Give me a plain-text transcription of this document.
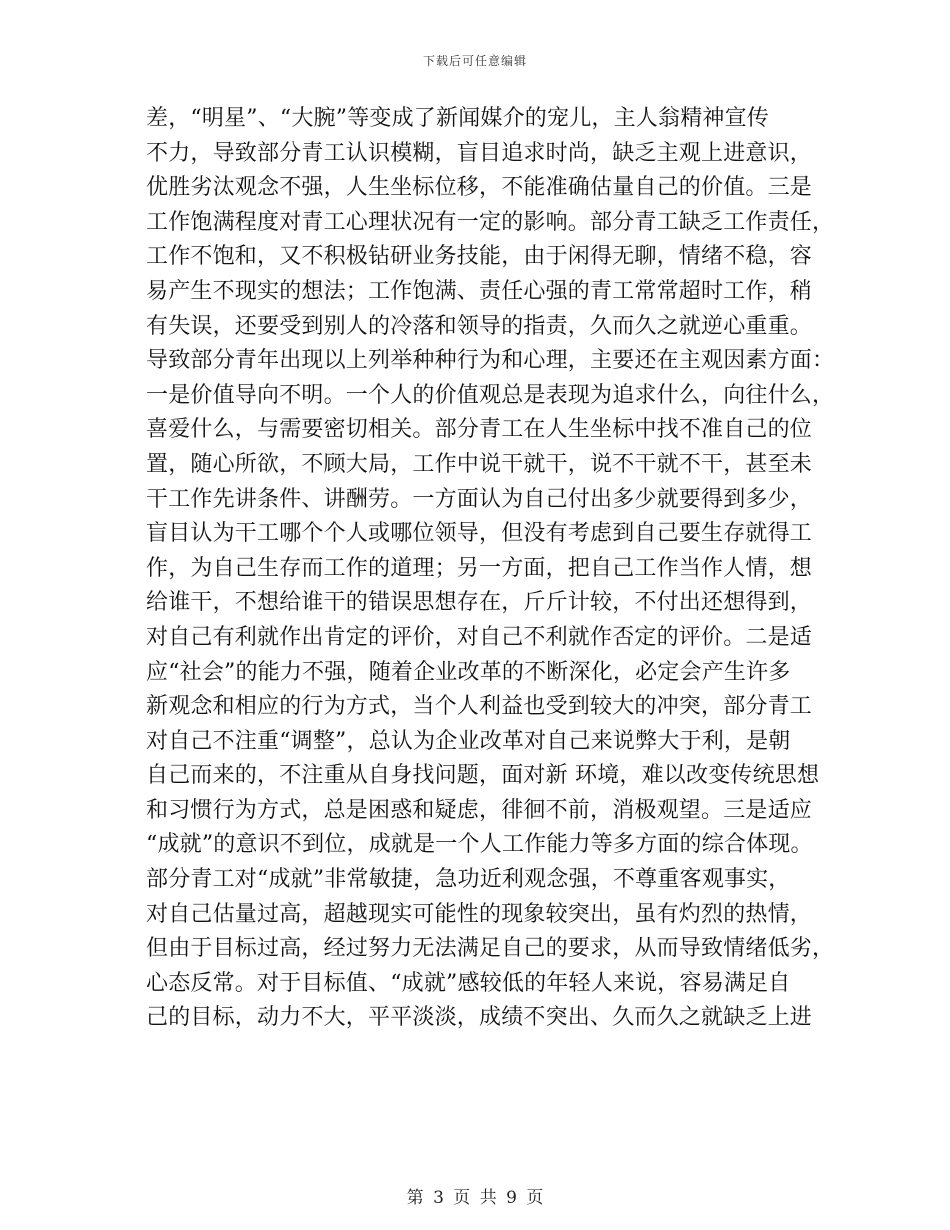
下载后可任意编辑
差，“明星”、“大腕”等变成了新闻媒介的宠儿，主人翁精神宣传
不力，导致部分青工认识模糊，盲目追求时尚，缺乏主观上进意识，
优胜劣汰观念不强，人生坐标位移，不能准确估量自己的价值。三是
工作饱满程度对青工心理状况有一定的影响。部分青工缺乏工作责任，
工作不饱和，又不积极钻研业务技能，由于闲得无聊，情绪不稳，容
易产生不现实的想法；工作饱满、责任心强的青工常常超时工作，稍
有失误，还要受到别人的冷落和领导的指责，久而久之就逆心重重。
导致部分青年出现以上列举种种行为和心理，主要还在主观因素方面：
一是价值导向不明。一个人的价值观总是表现为追求什么，向往什么，
喜爱什么，与需要密切相关。部分青工在人生坐标中找不准自己的位
置，随心所欲，不顾大局，工作中说干就干，说不干就不干，甚至未
干工作先讲条件、讲酬劳。一方面认为自己付出多少就要得到多少，
盲目认为干工哪个个人或哪位领导，但没有考虑到自己要生存就得工
作，为自己生存而工作的道理；另一方面，把自己工作当作人情，想
给谁干，不想给谁干的错误思想存在，斤斤计较，不付出还想得到，
对自己有利就作出肯定的评价，对自己不利就作否定的评价。二是适
应“社会”的能力不强，随着企业改革的不断深化，必定会产生许多
新观念和相应的行为方式，当个人利益也受到较大的冲突，部分青工
对自己不注重“调整”，总认为企业改革对自己来说弊大于利，是朝
自己而来的，不注重从自身找问题，面对新 环境，难以改变传统思想
和习惯行为方式，总是困惑和疑虑，徘徊不前，消极观望。三是适应
“成就”的意识不到位，成就是一个人工作能力等多方面的综合体现。
部分青工对“成就”非常敏捷，急功近利观念强，不尊重客观事实，
对自己估量过高，超越现实可能性的现象较突出，虽有灼烈的热情，
但由于目标过高，经过努力无法满足自己的要求，从而导致情绪低劣，
心态反常。对于目标值、“成就”感较低的年轻人来说，容易满足自
己的目标，动力不大，平平淡淡，成绩不突出、久而久之就缺乏上进
第 3 页 共 9 页
